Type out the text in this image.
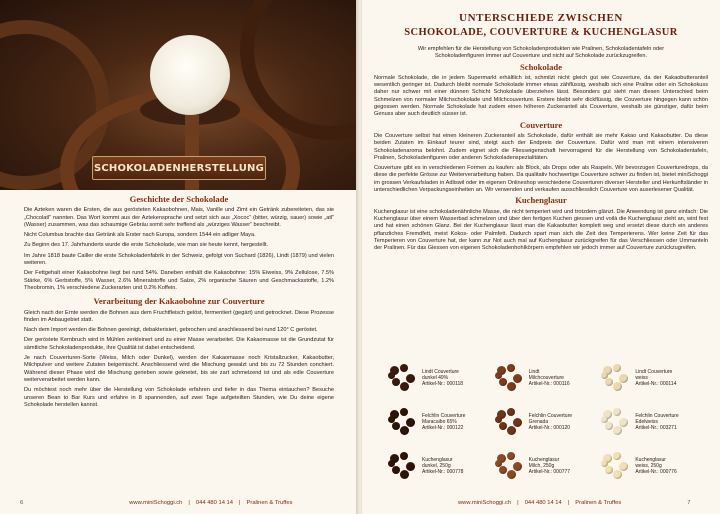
SCHOKOLADENHERSTELLUNG
Geschichte der Schokolade

Die Azteken waren die Ersten, die aus gerösteten Kakaobohnen, Mais, Vanille und Zimt ein Getränk zubereiteten, das sie „Chocolatl“ nannten. Das Wort kommt aus der Aztekensprache und setzt sich aus „Xococ“ (bitter, würzig, sauer) sowie „atl“ (Wasser) zusammen, was das schaumige Gebräu somit sehr treffend als „würziges Wasser“ beschreibt.

Nicht Columbus brachte das Getränk als Erster nach Europa, sondern 1544 ein adliger Maya.

Zu Beginn des 17. Jahrhunderts wurde die erste Schokolade, wie man sie heute kennt, hergestellt.

Im Jahre 1818 baute Cailler die erste Schokoladenfabrik in der Schweiz, gefolgt von Suchard (1826), Lindt (1879) und vielen weiteren.

Der Fettgehalt einer Kakaobohne liegt bei rund 54%. Daneben enthält die Kakaobohne: 15% Eiweiss, 9% Zellulose, 7.5% Stärke, 6% Gerbstoffe, 5% Wasser, 2.6% Mineralstoffe und Salze, 2% organische Säuren und Geschmacksstoffe, 1.2% Theobromin, 1% verschiedene Zuckerarten und 0.2% Koffein.

Verarbeitung der Kakaobohne zur Couverture

Gleich nach der Ernte werden die Bohnen aus dem Fruchtfleisch gelöst, fermentiert (gegärt) und getrocknet. Diese Prozesse finden im Anbaugebiet statt.

Nach dem Import werden die Bohnen gereinigt, debakterisiert, gebrochen und anschliessend bei rund 120° C geröstet.

Der geröstete Kernbruch wird in Mühlen zerkleinert und zu einer Masse verarbeitet. Die Kakaomasse ist die Grundzutat für sämtliche Schokoladenprodukte, ihre Qualität ist dabei entscheidend.

Je nach Couverturen-Sorte (Weiss, Milch oder Dunkel), werden der Kakaomasse noch Kristallzucker, Kakaobutter, Milchpulver und weitere Zutaten beigemischt. Anschliessend wird die Mischung gewalzt und bis zu 72 Stunden conchiert. Während dieser Phase wird die Mischung gerieben sowie geknetet, bis sie zart schmelzend ist und als edle Couverture weiterverarbeitet werden kann.

Du möchtest noch mehr über die Herstellung von Schokolade erfahren und tiefer in das Thema eintauchen? Besuche unseren Bean to Bar Kurs und erfahre in 8 spannenden, auf zwei Tage aufgeteilten Stunden, wie Du deine eigene Schokolade herstellen kannst.

6	www.miniSchoggi.ch | 044 480 14 14 | Pralinen & Truffes
UNTERSCHIEDE ZWISCHEN
SCHOKOLADE, COUVERTURE & KUCHENGLASUR

Wir empfehlen für die Herstellung von Schokoladenprodukten wie Pralinen, Schokoladentafeln oder Schokoladenfiguren immer auf Couverture und nicht auf Schokolade zurückzugreifen.

Schokolade

Normale Schokolade, die in jedem Supermarkt erhältlich ist, schmilzt nicht gleich gut wie Couverture, da der Kakaobutteranteil wesentlich geringer ist. Dadurch bleibt normale Schokolade immer etwas zähflüssig, weshalb sich eine Praline oder ein Schokokuss daher nur schwer mit einer dünnen Schicht Schokolade überziehen lässt. Besonders gut sieht man diesen Unterschied beim Schmelzen von normaler Milchschokolade und Milchcouverture. Erstere bleibt sehr dickflüssig, die Couverture hingegen kann schön gegossen werden. Normale Schokolade hat zudem einen höheren Zuckeranteil als Couverture, weshalb sie günstiger, dafür beim Genuss aber auch deutlich süsser ist.

Couverture

Die Couverture selbst hat einen kleineren Zuckeranteil als Schokolade, dafür enthält sie mehr Kakao und Kakaobutter. Da diese beiden Zutaten im Einkauf teurer sind, steigt auch der Endpreis der Couverture. Dafür wird man mit einem intensiveren Schokoladenaroma belohnt. Zudem eignet sich die Fliesseigenschaft hervorragend für die Herstellung von Schokoladentafeln, Pralinen, Schokoladenfiguren oder anderen Schokoladenspezialitäten.

Couverture gibt es in verschiedenen Formen zu kaufen: als Block, als Drops oder als Raspeln. Wir bevorzugen Couverturedrops, da diese die perfekte Grösse zur Weiterverarbeitung haben. Da qualitativ hochwertige Couverture schwer zu finden ist, bietet miniSchoggi im grossen Verkaufsladen in Adliswil oder im eigenen Onlineshop verschiedene Couverturen diverser Hersteller und Herkunftsländer in unterschiedlichen Verpackungseinheiten an. Wir verwenden und verkaufen ausschliesslich Couverture von auserlesener Qualität.

Kuchenglasur

Kuchenglasur ist eine schokoladenähnliche Masse, die nicht temperiert wird und trotzdem glänzt. Die Anwendung ist ganz einfach: Die Kuchenglasur über einem Wasserbad schmelzen und über den fertigen Kuchen giessen und voilà die Kuchenglasur zieht an, wird fest und hat einen schönen Glanz. Bei der Kuchenglasur lässt man die Kakaobutter komplett weg und ersetzt diese durch ein anderes pflanzliches Fremdfett, meist Kokos- oder Palmfett. Dadurch spart man sich die Zeit des Temperierens. Wer keine Zeit für das Temperieren von Couverture hat, der kann zur Not auch mal auf Kuchenglasur zurückgreifen für das Verschliessen oder Ummanteln der Pralinen. Für das Giessen von eigenen Schokoladenhohlkörpern empfehlen wir jedoch immer auf Couverture zurückzugreifen.

Lindt Couverture
dunkel 49%
Artikel-Nr.: 000118
Lindt
Milchcouverture
Artikel-Nr.: 000116
Lindt Couverture
weiss
Artikel-Nr.: 000114
Felchlin Couverture
Maracaibo 65%
Artikel-Nr.: 000122
Felchlin Couverture
Grenada
Artikel-Nr.: 000120
Felchlin Couverture
Edelweiss
Artikel-Nr.: 003271
Kuchenglasur
dunkel, 250g
Artikel-Nr.: 000778
Kuchenglasur
Milch, 250g
Artikel-Nr.: 000777
Kuchenglasur
weiss, 250g
Artikel-Nr.: 000776
www.miniSchoggi.ch | 044 480 14 14 | Pralinen & Truffes	7
